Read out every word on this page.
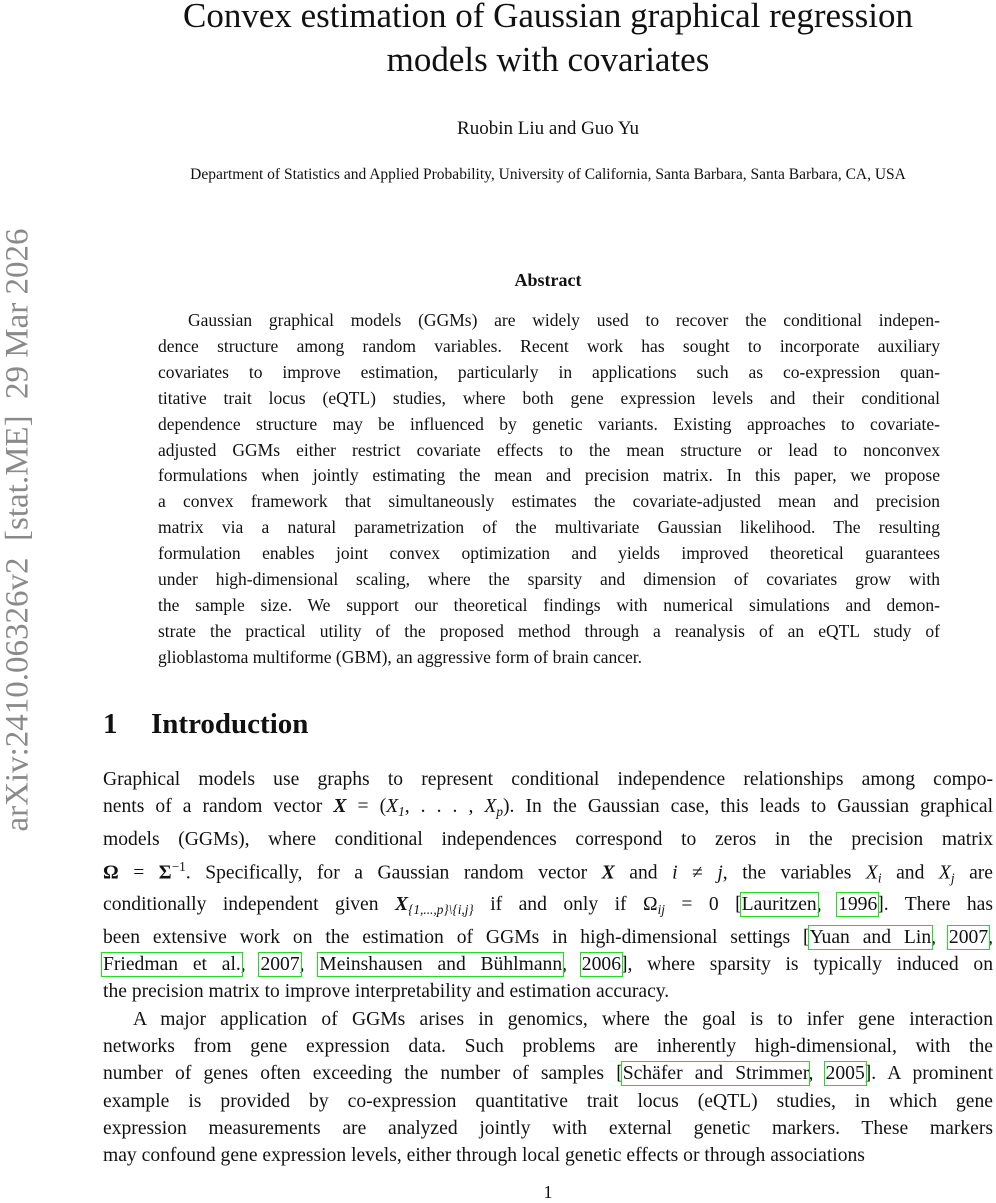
arXiv:2410.06326v2  [stat.ME]  29 Mar 2026
Convex estimation of Gaussian graphical regression
models with covariates
Ruobin Liu and Guo Yu
Department of Statistics and Applied Probability, University of California, Santa Barbara, Santa Barbara, CA, USA
Abstract
Gaussian graphical models (GGMs) are widely used to recover the conditional indepen-
dence structure among random variables. Recent work has sought to incorporate auxiliary
covariates to improve estimation, particularly in applications such as co-expression quan-
titative trait locus (eQTL) studies, where both gene expression levels and their conditional
dependence structure may be influenced by genetic variants. Existing approaches to covariate-
adjusted GGMs either restrict covariate effects to the mean structure or lead to nonconvex
formulations when jointly estimating the mean and precision matrix. In this paper, we propose
a convex framework that simultaneously estimates the covariate-adjusted mean and precision
matrix via a natural parametrization of the multivariate Gaussian likelihood. The resulting
formulation enables joint convex optimization and yields improved theoretical guarantees
under high-dimensional scaling, where the sparsity and dimension of covariates grow with
the sample size. We support our theoretical findings with numerical simulations and demon-
strate the practical utility of the proposed method through a reanalysis of an eQTL study of
glioblastoma multiforme (GBM), an aggressive form of brain cancer.
1 Introduction
Graphical models use graphs to represent conditional independence relationships among compo-
nents of a random vector $X = (X_1$, . . . , $X_p$). In the Gaussian case, this leads to Gaussian graphical
models (GGMs), where conditional independences correspond to zeros in the precision matrix
$\Omega = \Sigma^{-1}$. Specifically, for a Gaussian random vector X and i ≠ j, the variables $X_i$ and $X_j$ are
conditionally independent given $X_{\{1,...,p\}\backslash\{i,j\}}$ if and only if $\Omega_{ij} = 0$ [Lauritzen, 1996]. There has
been extensive work on the estimation of GGMs in high-dimensional settings [Yuan and Lin, 2007,
Friedman et al., 2007, Meinshausen and Bühlmann, 2006], where sparsity is typically induced on
the precision matrix to improve interpretability and estimation accuracy.
A major application of GGMs arises in genomics, where the goal is to infer gene interaction
networks from gene expression data. Such problems are inherently high-dimensional, with the
number of genes often exceeding the number of samples [Schäfer and Strimmer, 2005]. A prominent
example is provided by co-expression quantitative trait locus (eQTL) studies, in which gene
expression measurements are analyzed jointly with external genetic markers. These markers
may confound gene expression levels, either through local genetic effects or through associations
1
